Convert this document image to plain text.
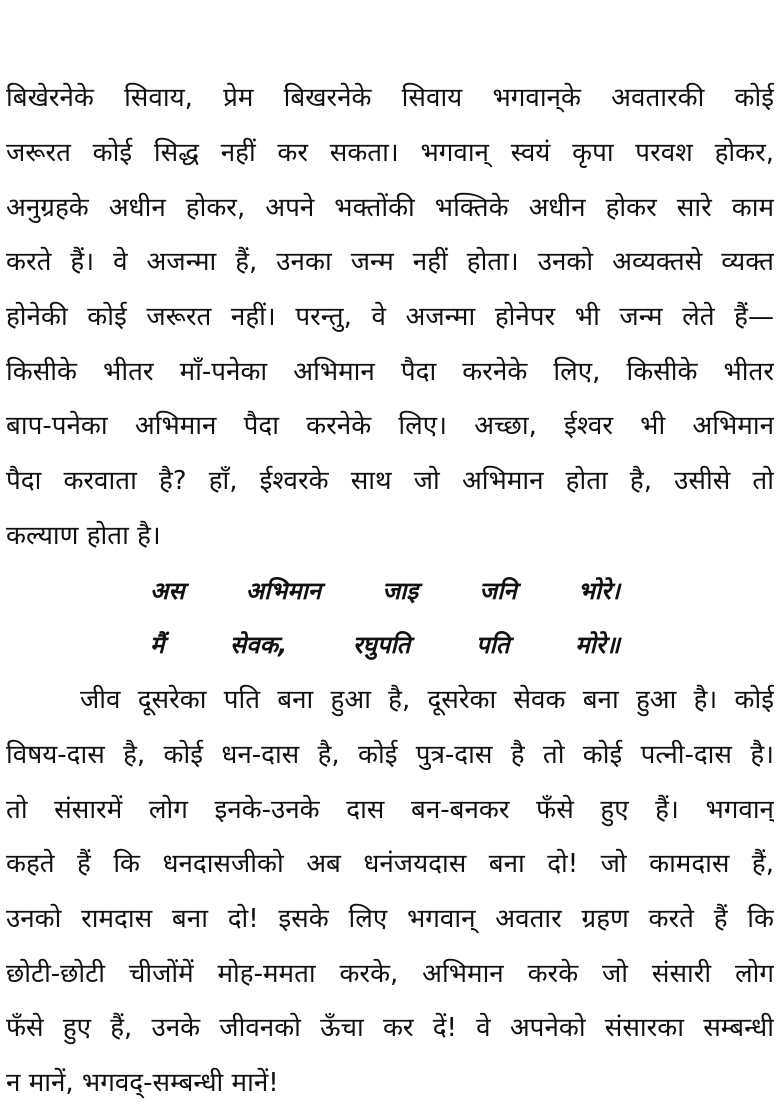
बिखेरनेके सिवाय, प्रेम बिखरनेके सिवाय भगवान्‌के अवतारकी कोई
जरूरत कोई सिद्ध नहीं कर सकता। भगवान् स्वयं कृपा परवश होकर,
अनुग्रहके अधीन होकर, अपने भक्तोंकी भक्तिके अधीन होकर सारे काम
करते हैं। वे अजन्मा हैं, उनका जन्म नहीं होता। उनको अव्यक्तसे व्यक्त
होनेकी कोई जरूरत नहीं। परन्तु, वे अजन्मा होनेपर भी जन्म लेते हैं—
किसीके भीतर माँ-पनेका अभिमान पैदा करनेके लिए, किसीके भीतर
बाप-पनेका अभिमान पैदा करनेके लिए। अच्छा, ईश्वर भी अभिमान
पैदा करवाता है? हाँ, ईश्वरके साथ जो अभिमान होता है, उसीसे तो
कल्याण होता है।
अस अभिमान जाइ जनि भोरे।
मैं सेवक, रघुपति पति मोरे॥
जीव दूसरेका पति बना हुआ है, दूसरेका सेवक बना हुआ है। कोई
विषय-दास है, कोई धन-दास है, कोई पुत्र-दास है तो कोई पत्नी-दास है।
तो संसारमें लोग इनके-उनके दास बन-बनकर फँसे हुए हैं। भगवान्
कहते हैं कि धनदासजीको अब धनंजयदास बना दो! जो कामदास हैं,
उनको रामदास बना दो! इसके लिए भगवान् अवतार ग्रहण करते हैं कि
छोटी-छोटी चीजोंमें मोह-ममता करके, अभिमान करके जो संसारी लोग
फँसे हुए हैं, उनके जीवनको ऊँचा कर दें! वे अपनेको संसारका सम्बन्धी
न मानें, भगवद्-सम्बन्धी मानें!
